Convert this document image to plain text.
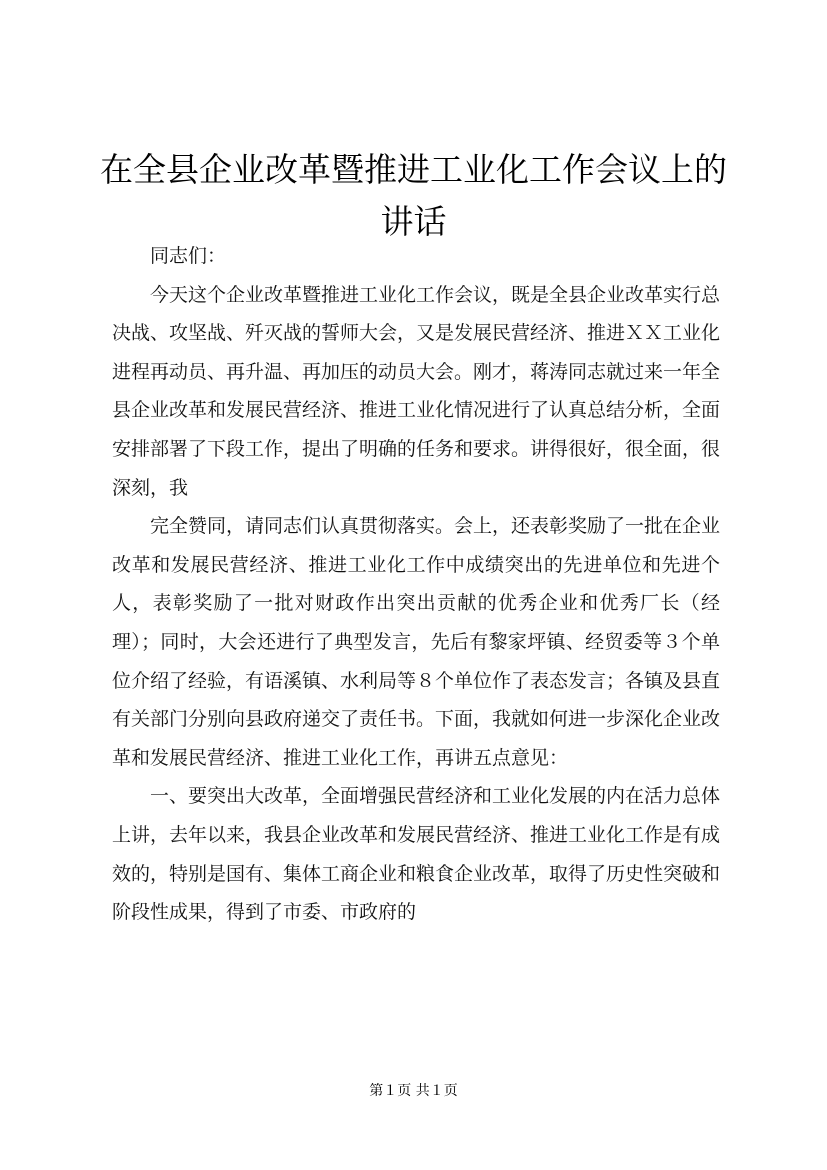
在全县企业改革暨推进工业化工作会议上的讲话

同志们：

今天这个企业改革暨推进工业化工作会议，既是全县企业改革实行总决战、攻坚战、歼灭战的誓师大会，又是发展民营经济、推进ＸＸ工业化进程再动员、再升温、再加压的动员大会。刚才，蒋涛同志就过来一年全县企业改革和发展民营经济、推进工业化情况进行了认真总结分析，全面安排部署了下段工作，提出了明确的任务和要求。讲得很好，很全面，很深刻，我

完全赞同，请同志们认真贯彻落实。会上，还表彰奖励了一批在企业改革和发展民营经济、推进工业化工作中成绩突出的先进单位和先进个人，表彰奖励了一批对财政作出突出贡献的优秀企业和优秀厂长（经理）；同时，大会还进行了典型发言，先后有黎家坪镇、经贸委等３个单位介绍了经验，有语溪镇、水利局等８个单位作了表态发言；各镇及县直有关部门分别向县政府递交了责任书。下面，我就如何进一步深化企业改革和发展民营经济、推进工业化工作，再讲五点意见：

一、要突出大改革，全面增强民营经济和工业化发展的内在活力总体上讲，去年以来，我县企业改革和发展民营经济、推进工业化工作是有成效的，特别是国有、集体工商企业和粮食企业改革，取得了历史性突破和阶段性成果，得到了市委、市政府的

第１页 共１页
